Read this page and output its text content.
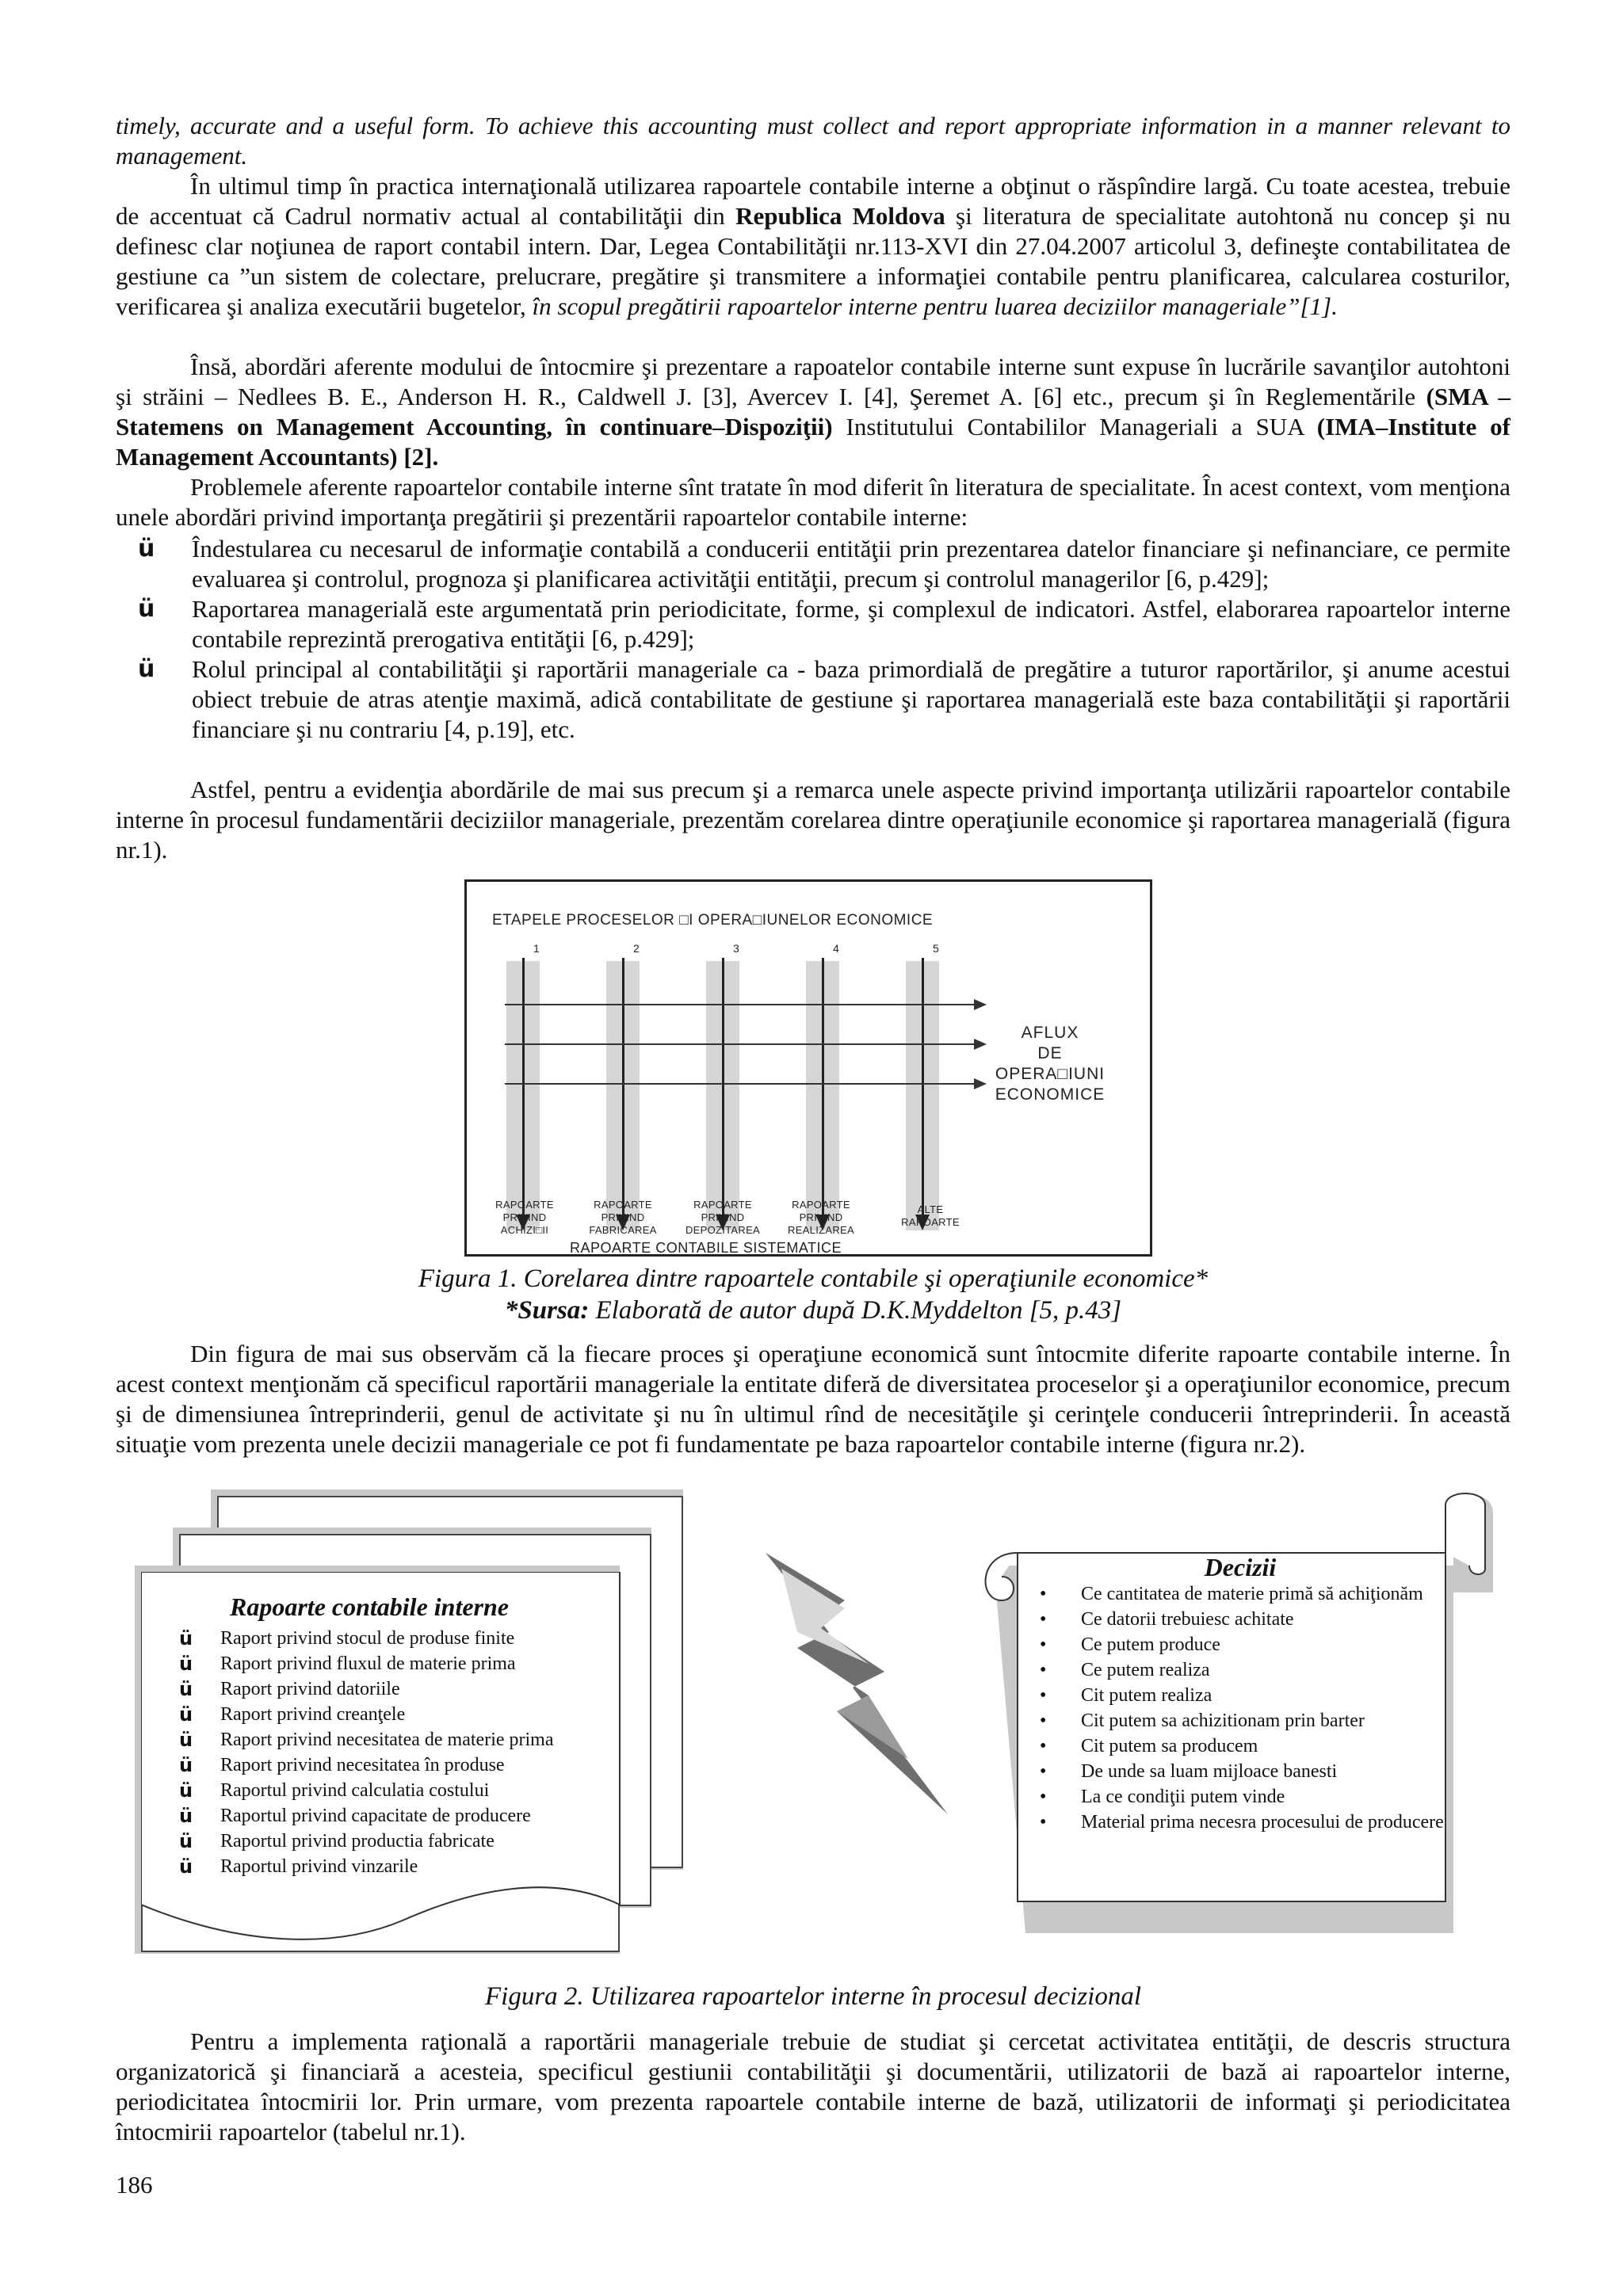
timely, accurate and a useful form. To achieve this accounting must collect and report appropriate information in a manner relevant to management.

În ultimul timp în practica internaţională utilizarea rapoartele contabile interne a obţinut o răspîndire largă. Cu toate acestea, trebuie de accentuat că Cadrul normativ actual al contabilităţii din Republica Moldova şi literatura de specialitate autohtonă nu concep şi nu definesc clar noţiunea de raport contabil intern. Dar, Legea Contabilităţii nr.113-XVI din 27.04.2007 articolul 3, defineşte contabilitatea de gestiune ca ”un sistem de colectare, prelucrare, pregătire şi transmitere a informaţiei contabile pentru planificarea, calcularea costurilor, verificarea şi analiza executării bugetelor, în scopul pregătirii rapoartelor interne pentru luarea deciziilor manageriale”[1].

Însă, abordări aferente modului de întocmire şi prezentare a rapoatelor contabile interne sunt expuse în lucrările savanţilor autohtoni şi străini – Nedlees B. E., Anderson H. R., Caldwell J. [3], Avercev I. [4], Şeremet A. [6] etc., precum şi în Reglementările (SMA – Statemens on Management Accounting, în continuare–Dispoziţii) Institutului Contabililor Manageriali a SUA (IMA–Institute of Management Accountants) [2].

Problemele aferente rapoartelor contabile interne sînt tratate în mod diferit în literatura de specialitate. În acest context, vom menţiona unele abordări privind importanţa pregătirii şi prezentării rapoartelor contabile interne:

ü Îndestularea cu necesarul de informaţie contabilă a conducerii entităţii prin prezentarea datelor financiare şi nefinanciare, ce permite evaluarea şi controlul, prognoza şi planificarea activităţii entităţii, precum şi controlul managerilor [6, p.429];
ü Raportarea managerială este argumentată prin periodicitate, forme, şi complexul de indicatori. Astfel, elaborarea rapoartelor interne contabile reprezintă prerogativa entităţii [6, p.429];
ü Rolul principal al contabilităţii şi raportării manageriale ca - baza primordială de pregătire a tuturor raportărilor, şi anume acestui obiect trebuie de atras atenţie maximă, adică contabilitate de gestiune şi raportarea managerială este baza contabilităţii şi raportării financiare şi nu contrariu [4, p.19], etc.

Astfel, pentru a evidenţia abordările de mai sus precum şi a remarca unele aspecte privind importanţa utilizării rapoartelor contabile interne în procesul fundamentării deciziilor manageriale, prezentăm corelarea dintre operaţiunile economice şi raportarea managerială (figura nr.1).

ETAPELE PROCESELOR □I OPERA□IUNELOR ECONOMICE
1	2	3	4	5
AFLUX
DE
OPERA□IUNI
ECONOMICE
RAPOARTE
PRIVIND
ACHIZI□II
RAPOARTE
PRIVIND
FABRICAREA
RAPOARTE
PRIVIND
DEPOZITAREA
RAPOARTE
PRIVIND
REALIZAREA
ALTE
RAPOARTE
RAPOARTE CONTABILE SISTEMATICE
Figura 1. Corelarea dintre rapoartele contabile şi operaţiunile economice*
*Sursa: Elaborată de autor după D.K.Myddelton [5, p.43]

Din figura de mai sus observăm că la fiecare proces şi operaţiune economică sunt întocmite diferite rapoarte contabile interne. În acest context menţionăm că specificul raportării manageriale la entitate diferă de diversitatea proceselor şi a operaţiunilor economice, precum şi de dimensiunea întreprinderii, genul de activitate şi nu în ultimul rînd de necesităţile şi cerinţele conducerii întreprinderii. În această situaţie vom prezenta unele decizii manageriale ce pot fi fundamentate pe baza rapoartelor contabile interne (figura nr.2).

Rapoarte contabile interne
ü Raport privind stocul de produse finite
ü Raport privind fluxul de materie prima
ü Raport privind datoriile
ü Raport privind creanţele
ü Raport privind necesitatea de materie prima
ü Raport privind necesitatea în produse
ü Raportul privind calculatia costului
ü Raportul privind capacitate de producere
ü Raportul privind productia fabricate
ü Raportul privind vinzarile
Decizii
• Ce cantitatea de materie primă să achiţionăm
• Ce datorii trebuiesc achitate
• Ce putem produce
• Ce putem realiza
• Cit putem realiza
• Cit putem sa achizitionam prin barter
• Cit putem sa producem
• De unde sa luam mijloace banesti
• La ce condiţii putem vinde
• Material prima necesra procesului de producere
Figura 2. Utilizarea rapoartelor interne în procesul decizional

Pentru a implementa raţională a raportării manageriale trebuie de studiat şi cercetat activitatea entităţii, de descris structura organizatorică şi financiară a acesteia, specificul gestiunii contabilităţii şi documentării, utilizatorii de bază ai rapoartelor interne, periodicitatea întocmirii lor. Prin urmare, vom prezenta rapoartele contabile interne de bază, utilizatorii de informaţi şi periodicitatea întocmirii rapoartelor (tabelul nr.1).

186
